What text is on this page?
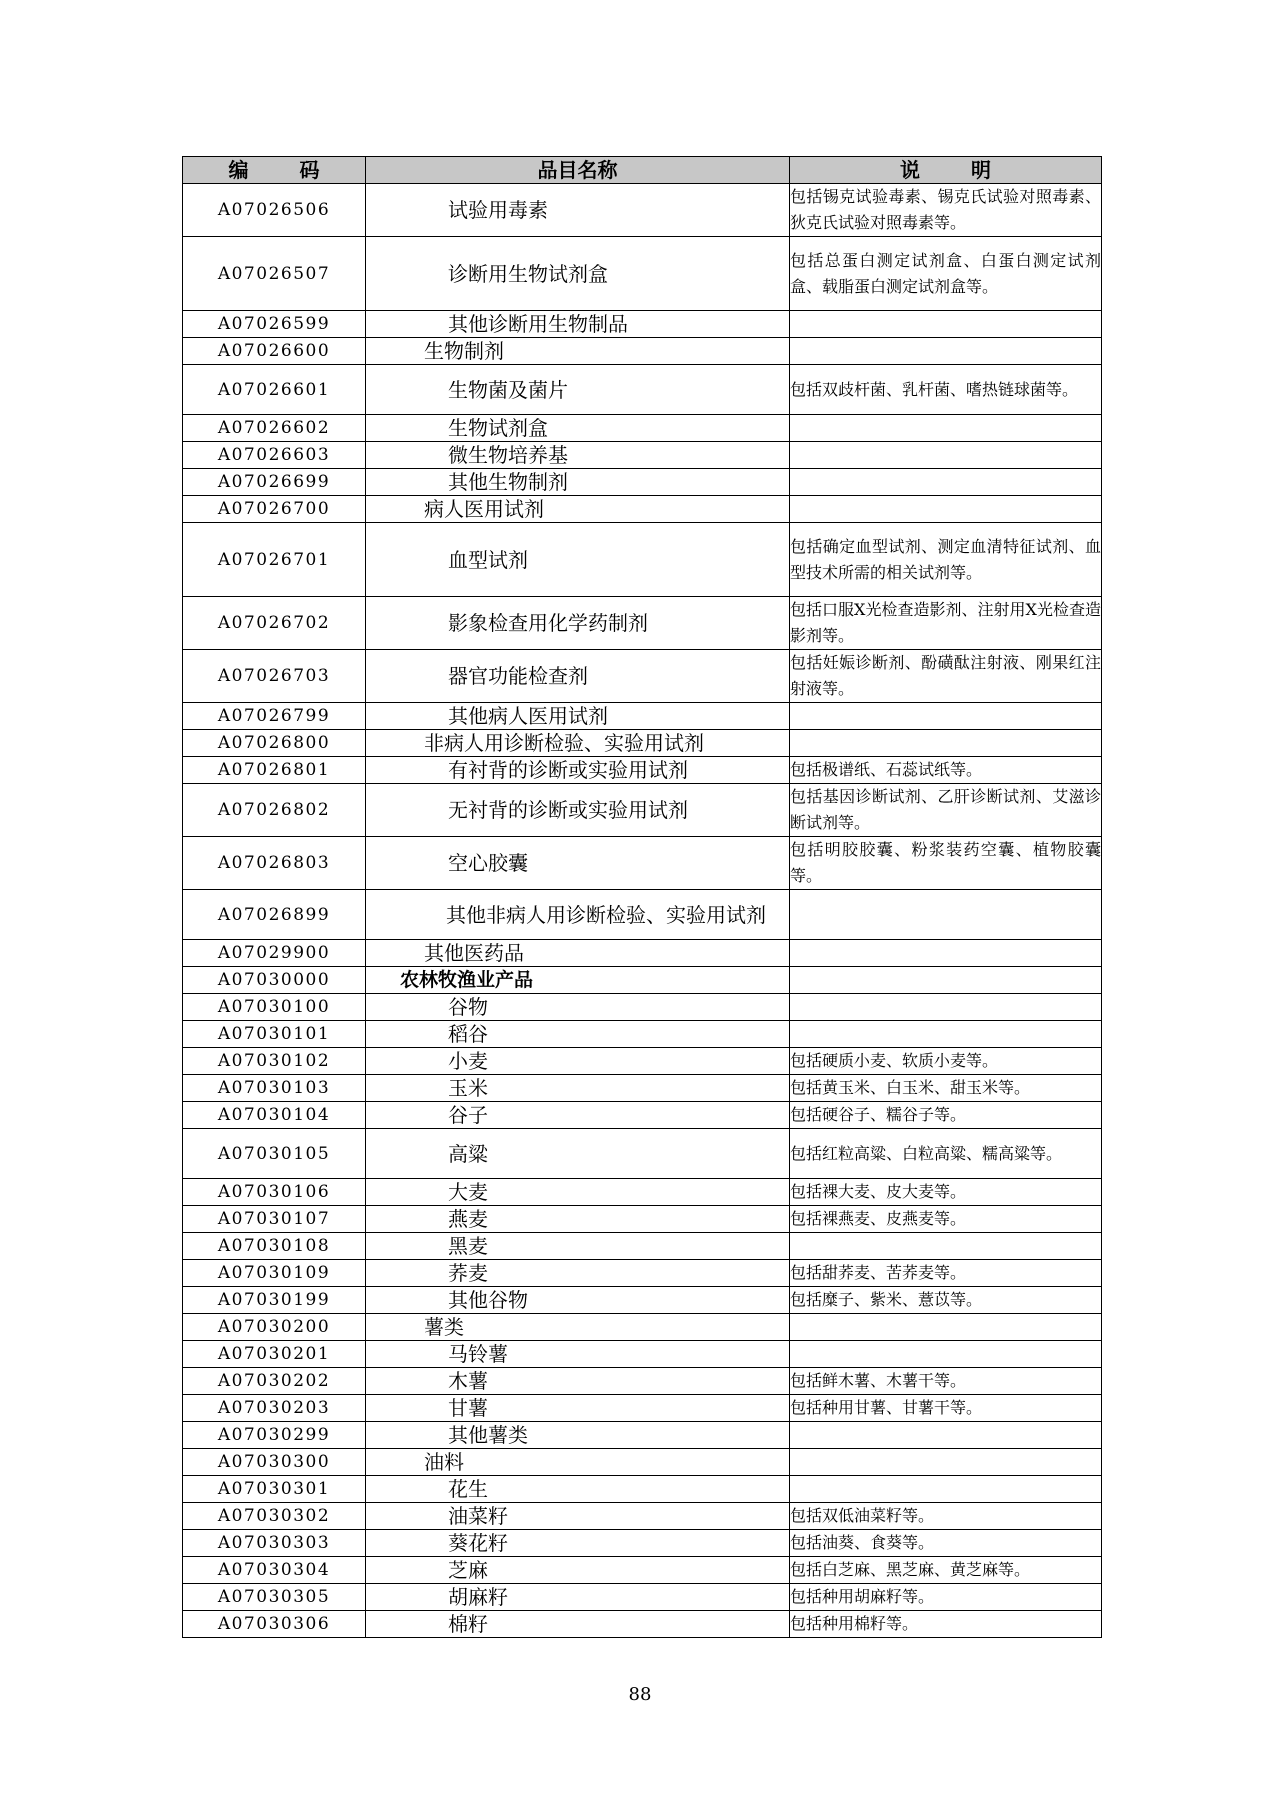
编 码	品目名称	说 明
A07026506	试验用毒素	包括锡克试验毒素、锡克氏试验对照毒素、狄克氏试验对照毒素等。
A07026507	诊断用生物试剂盒	包括总蛋白测定试剂盒、白蛋白测定试剂盒、载脂蛋白测定试剂盒等。
A07026599	其他诊断用生物制品	

A07026600	生物制剂	

A07026601	生物菌及菌片	包括双歧杆菌、乳杆菌、嗜热链球菌等。
A07026602	生物试剂盒	

A07026603	微生物培养基	

A07026699	其他生物制剂	

A07026700	病人医用试剂	

A07026701	血型试剂	包括确定血型试剂、测定血清特征试剂、血型技术所需的相关试剂等。
A07026702	影象检查用化学药制剂	包括口服X光检查造影剂、注射用X光检查造影剂等。
A07026703	器官功能检查剂	包括妊娠诊断剂、酚磺酞注射液、刚果红注射液等。
A07026799	其他病人医用试剂	

A07026800	非病人用诊断检验、实验用试剂	

A07026801	有衬背的诊断或实验用试剂	包括极谱纸、石蕊试纸等。
A07026802	无衬背的诊断或实验用试剂	包括基因诊断试剂、乙肝诊断试剂、艾滋诊断试剂等。
A07026803	空心胶囊	包括明胶胶囊、粉浆装药空囊、植物胶囊等。
A07026899	其他非病人用诊断检验、实验用试剂	

A07029900	其他医药品	

A07030000	农林牧渔业产品	

A07030100	谷物	

A07030101	稻谷	

A07030102	小麦	包括硬质小麦、软质小麦等。
A07030103	玉米	包括黄玉米、白玉米、甜玉米等。
A07030104	谷子	包括硬谷子、糯谷子等。
A07030105	高粱	包括红粒高粱、白粒高粱、糯高粱等。
A07030106	大麦	包括裸大麦、皮大麦等。
A07030107	燕麦	包括裸燕麦、皮燕麦等。
A07030108	黑麦	

A07030109	荞麦	包括甜荞麦、苦荞麦等。
A07030199	其他谷物	包括糜子、紫米、薏苡等。
A07030200	薯类	

A07030201	马铃薯	

A07030202	木薯	包括鲜木薯、木薯干等。
A07030203	甘薯	包括种用甘薯、甘薯干等。
A07030299	其他薯类	

A07030300	油料	

A07030301	花生	

A07030302	油菜籽	包括双低油菜籽等。
A07030303	葵花籽	包括油葵、食葵等。
A07030304	芝麻	包括白芝麻、黑芝麻、黄芝麻等。
A07030305	胡麻籽	包括种用胡麻籽等。
A07030306	棉籽	包括种用棉籽等。
88
